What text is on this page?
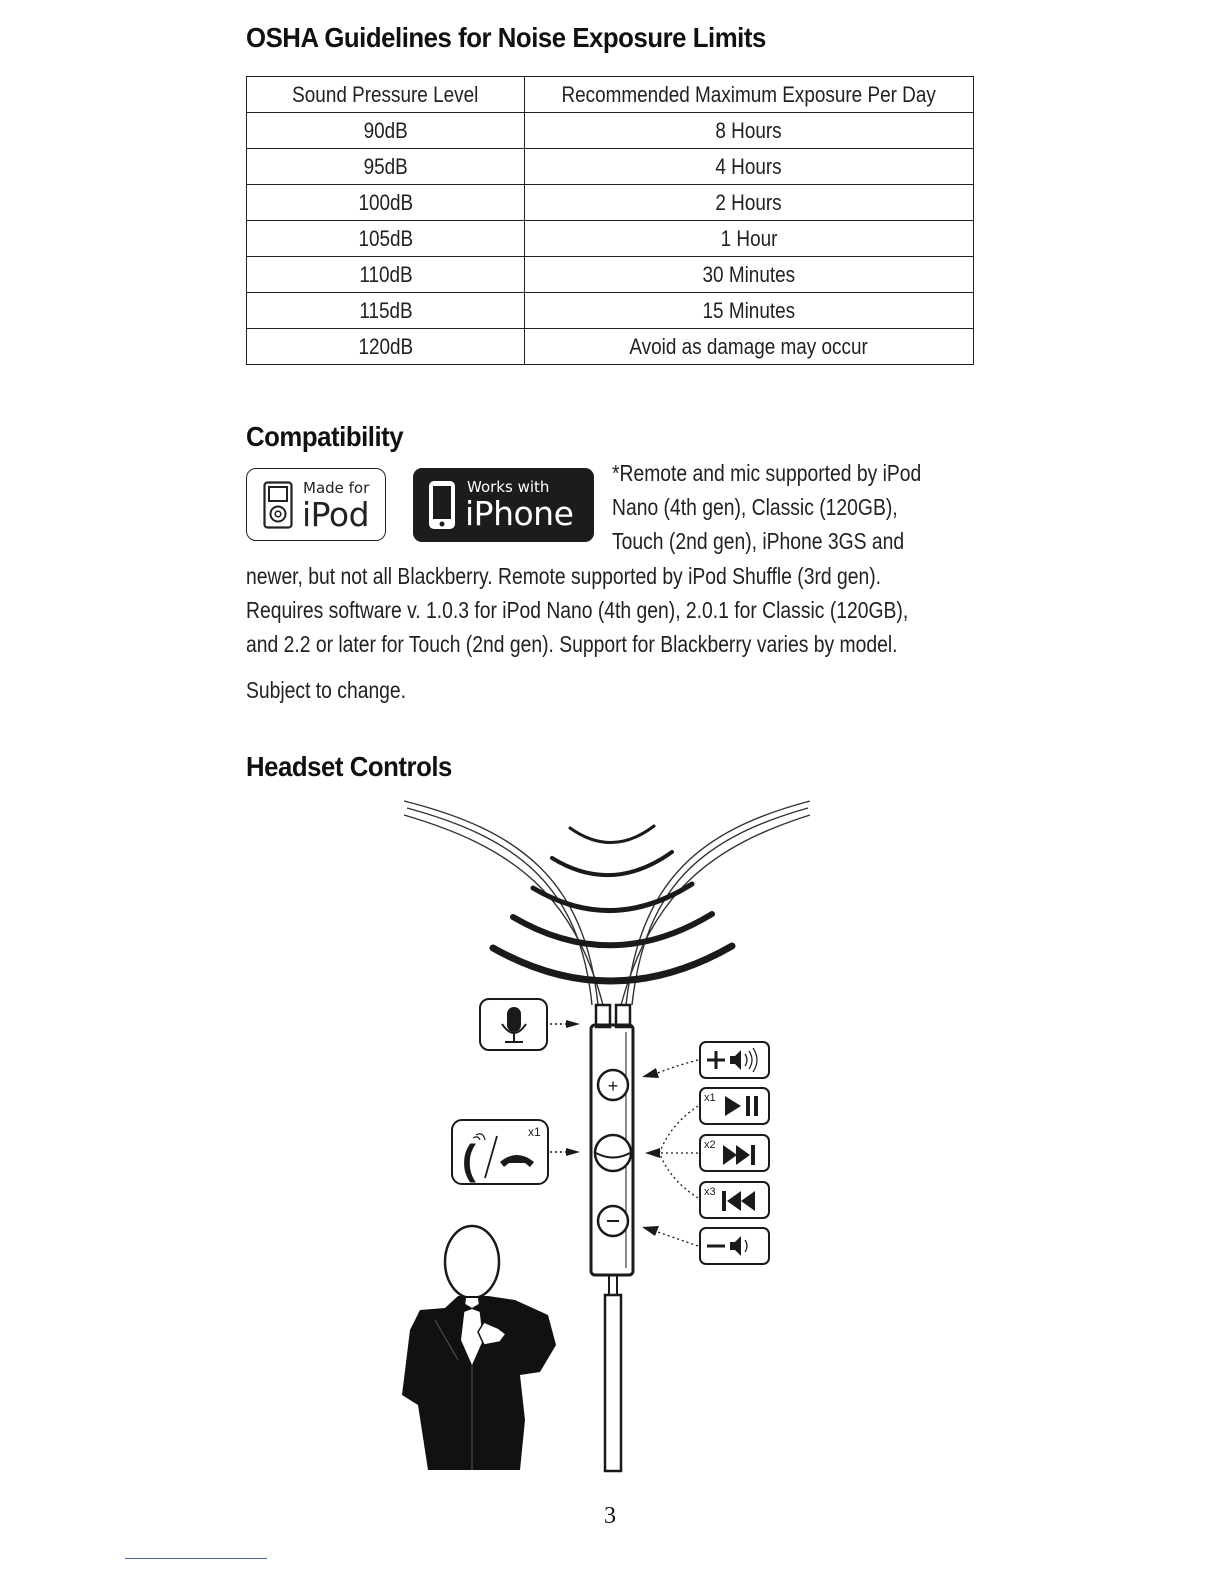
OSHA Guidelines for Noise Exposure Limits
Sound Pressure Level	Recommended Maximum Exposure Per Day
90dB	8 Hours
95dB	4 Hours
100dB	2 Hours
105dB	1 Hour
110dB	30 Minutes
115dB	15 Minutes
120dB	Avoid as damage may occur
Compatibility
Made for
iPod
Works with
iPhone
*Remote and mic supported by iPod
Nano (4th gen), Classic (120GB),
Touch (2nd gen), iPhone 3GS and
newer, but not all Blackberry. Remote supported by iPod Shuffle (3rd gen).
Requires software v. 1.0.3 for iPod Nano (4th gen), 2.0.1 for Classic (120GB),
and 2.2 or later for Touch (2nd gen). Support for Blackberry varies by model.
Subject to change.
Headset Controls
+
(
x1
x1
x2
x3
3
